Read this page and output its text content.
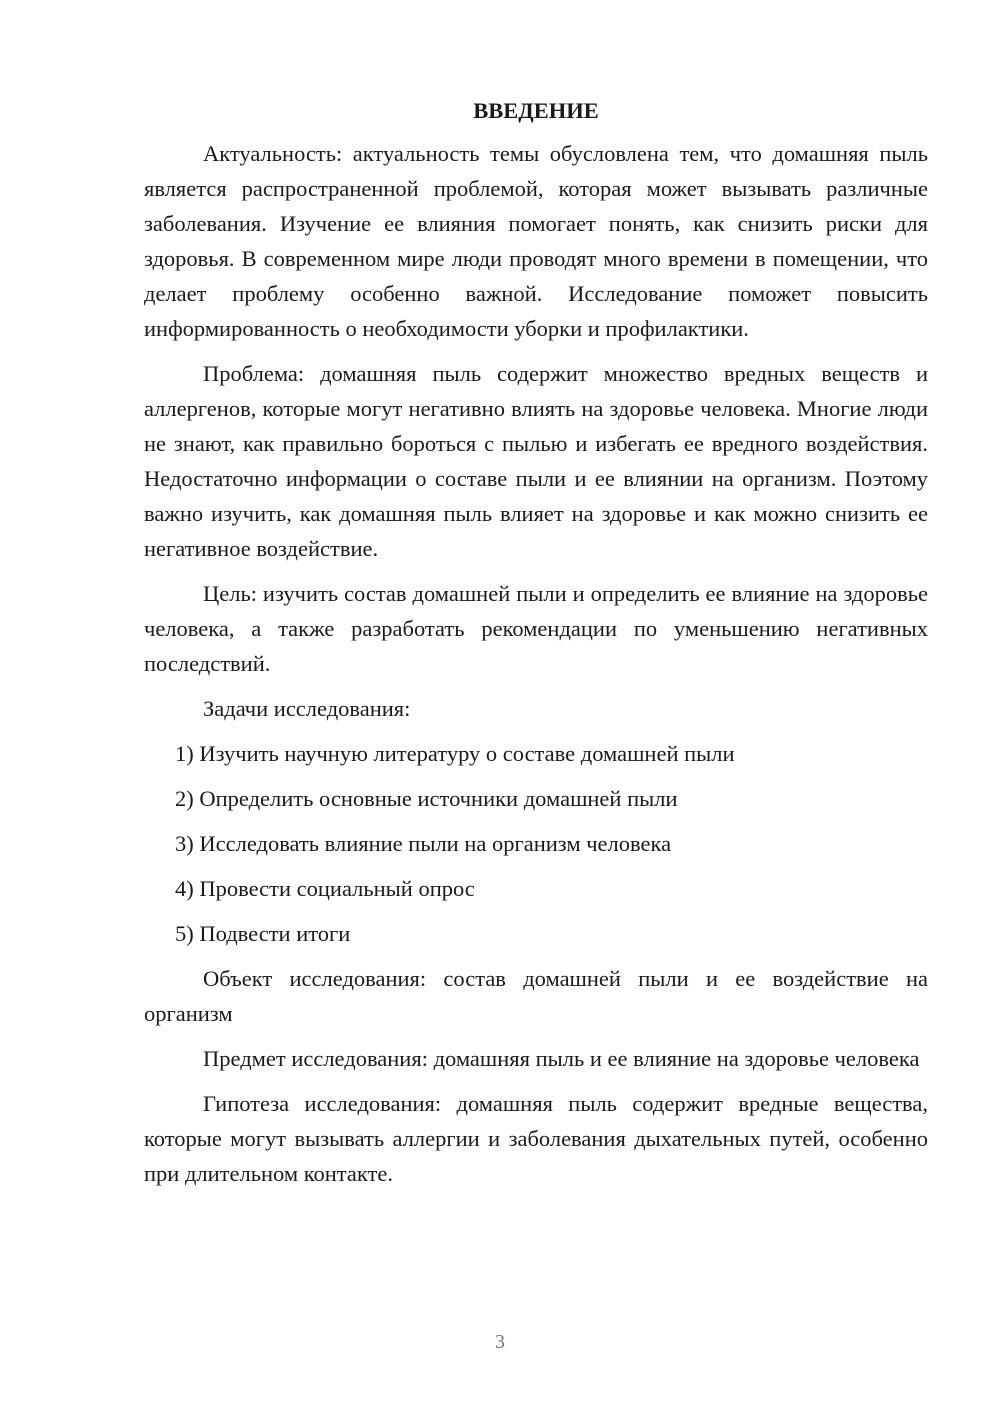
ВВЕДЕНИЕ

Актуальность: актуальность темы обусловлена тем, что домашняя пыль является распространенной проблемой, которая может вызывать различные заболевания. Изучение ее влияния помогает понять, как снизить риски для здоровья. В современном мире люди проводят много времени в помещении, что делает проблему особенно важной. Исследование поможет повысить информированность о необходимости уборки и профилактики.

Проблема: домашняя пыль содержит множество вредных веществ и аллергенов, которые могут негативно влиять на здоровье человека. Многие люди не знают, как правильно бороться с пылью и избегать ее вредного воздействия. Недостаточно информации о составе пыли и ее влиянии на организм. Поэтому важно изучить, как домашняя пыль влияет на здоровье и как можно снизить ее негативное воздействие.

Цель: изучить состав домашней пыли и определить ее влияние на здоровье человека, а также разработать рекомендации по уменьшению негативных последствий.

Задачи исследования:

1) Изучить научную литературу о составе домашней пыли
2) Определить основные источники домашней пыли
3) Исследовать влияние пыли на организм человека
4) Провести социальный опрос
5) Подвести итоги

Объект исследования: состав домашней пыли и ее воздействие на организм

Предмет исследования: домашняя пыль и ее влияние на здоровье человека

Гипотеза исследования: домашняя пыль содержит вредные вещества, которые могут вызывать аллергии и заболевания дыхательных путей, особенно при длительном контакте.

3
